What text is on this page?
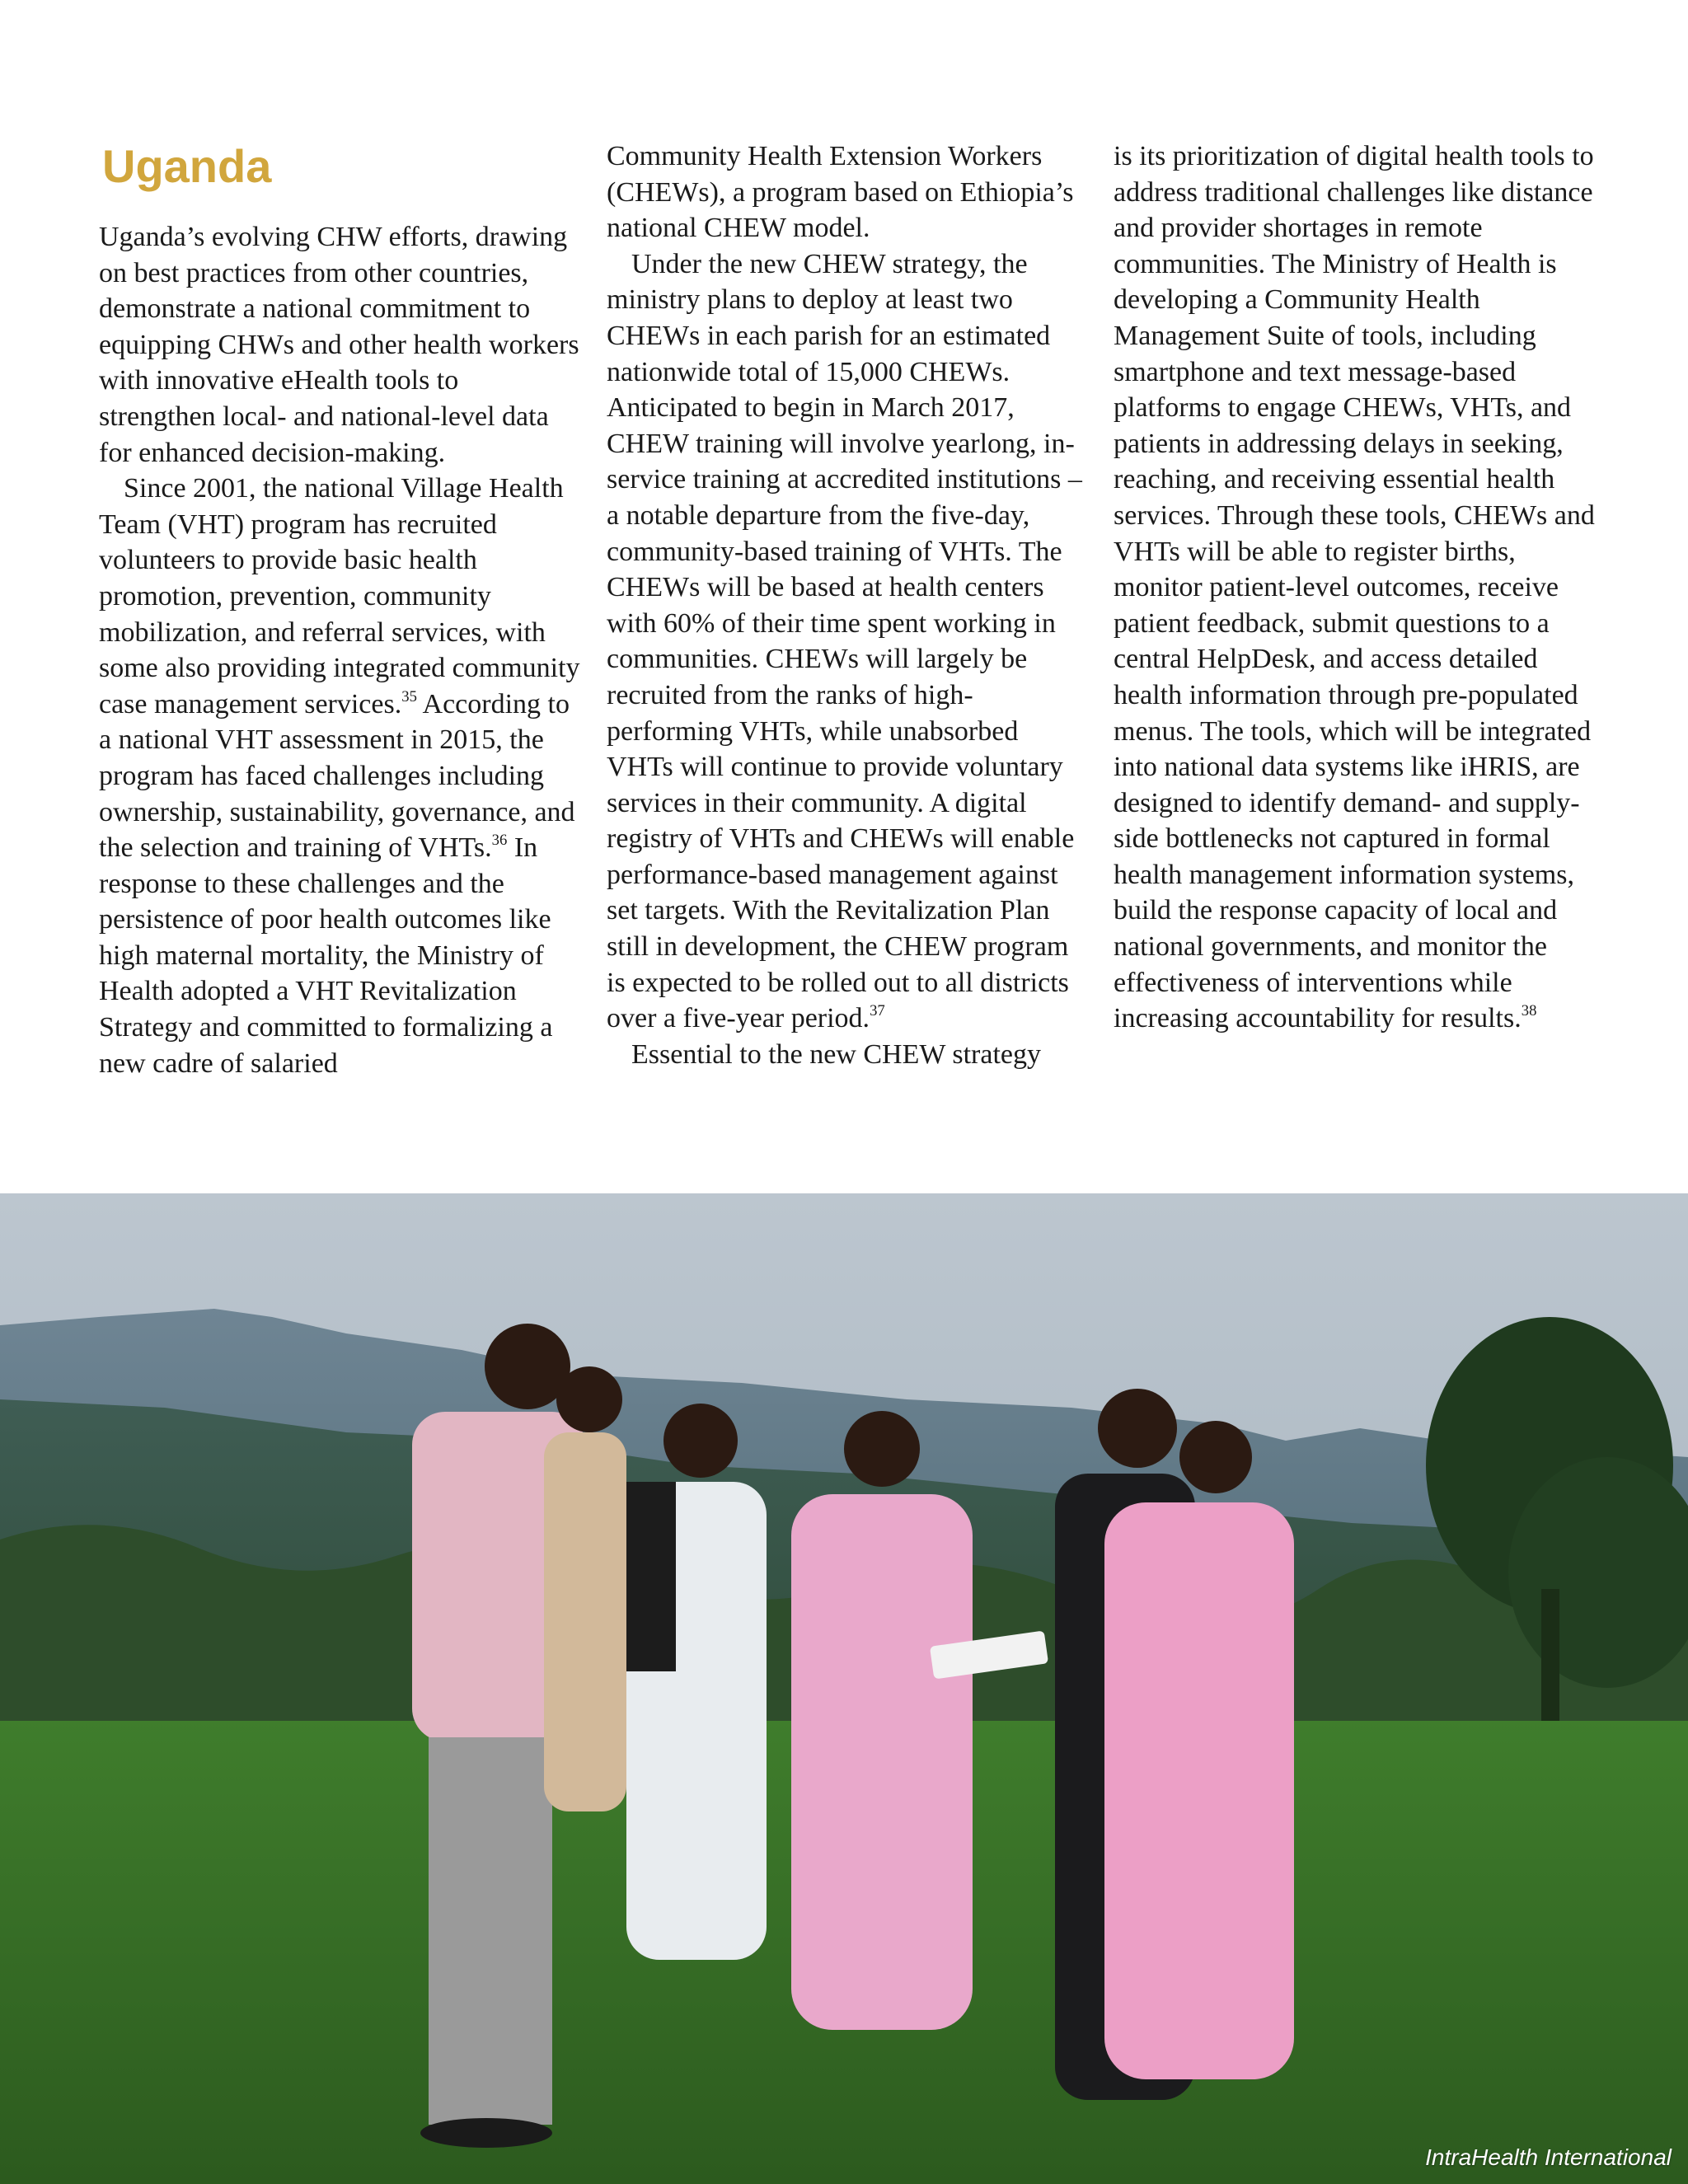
Uganda

Uganda’s evolving CHW efforts, drawing on best practices from other countries, demonstrate a national commitment to equipping CHWs and other health workers with innovative eHealth tools to strengthen local- and national-level data for enhanced decision-making.

Since 2001, the national Village Health Team (VHT) program has recruited volunteers to provide basic health promotion, prevention, community mobilization, and referral services, with some also providing integrated community case management services.$^{35}$ According to a national VHT assessment in 2015, the program has faced challenges including ownership, sustainability, governance, and the selection and training of VHTs.$^{36}$ In response to these challenges and the persistence of poor health outcomes like high maternal mortality, the Ministry of Health adopted a VHT Revitalization Strategy and committed to formalizing a new cadre of salaried

Community Health Extension Workers (CHEWs), a program based on Ethiopia’s national CHEW model.

Under the new CHEW strategy, the ministry plans to deploy at least two CHEWs in each parish for an estimated nationwide total of 15,000 CHEWs. Anticipated to begin in March 2017, CHEW training will involve yearlong, in-service training at accredited institutions – a notable departure from the five-day, community-based training of VHTs. The CHEWs will be based at health centers with 60% of their time spent working in communities. CHEWs will largely be recruited from the ranks of high-performing VHTs, while unabsorbed VHTs will continue to provide voluntary services in their community. A digital registry of VHTs and CHEWs will enable performance-based management against set targets. With the Revitalization Plan still in development, the CHEW program is expected to be rolled out to all districts over a five-year period.$^{37}$

Essential to the new CHEW strategy

is its prioritization of digital health tools to address traditional challenges like distance and provider shortages in remote communities. The Ministry of Health is developing a Community Health Management Suite of tools, including smartphone and text message-based platforms to engage CHEWs, VHTs, and patients in addressing delays in seeking, reaching, and receiving essential health services. Through these tools, CHEWs and VHTs will be able to register births, monitor patient-level outcomes, receive patient feedback, submit questions to a central HelpDesk, and access detailed health information through pre-populated menus. The tools, which will be integrated into national data systems like iHRIS, are designed to identify demand- and supply-side bottlenecks not captured in formal health management information systems, build the response capacity of local and national governments, and monitor the effectiveness of interventions while increasing accountability for results.$^{38}$

IntraHealth International
